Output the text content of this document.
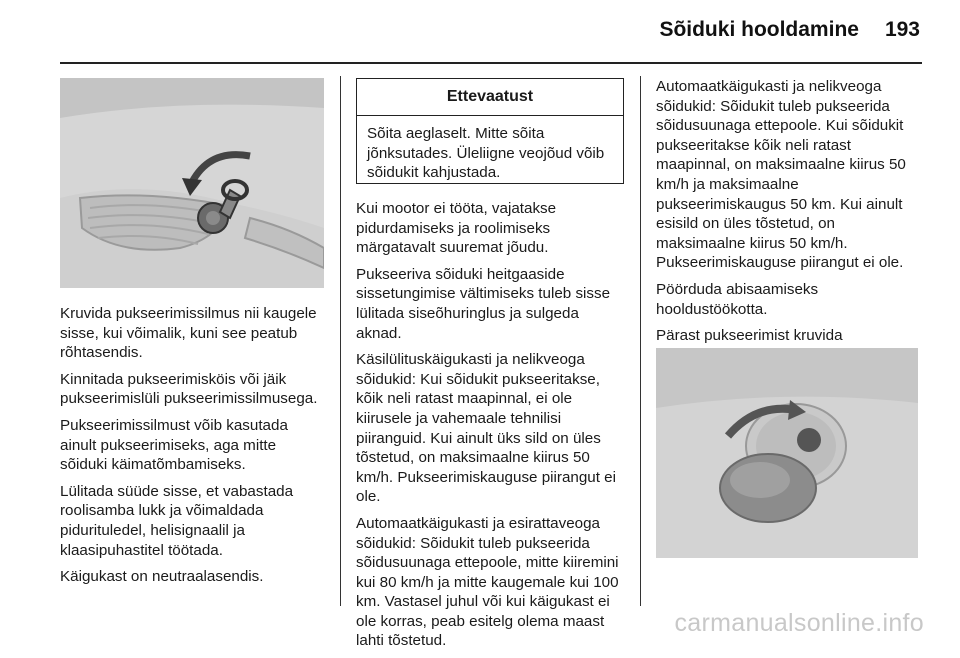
Sõiduki hooldamine 193

Kruvida pukseerimissilmus nii kaugele sisse, kui võimalik, kuni see peatub rõhtasendis.

Kinnitada pukseerimisköis või jäik pukseerimislüli pukseerimissilmusega.

Pukseerimissilmust võib kasutada ainult pukseerimiseks, aga mitte sõiduki käimatõmbamiseks.

Lülitada süüde sisse, et vabastada roolisamba lukk ja võimaldada pidurituledel, helisignaalil ja klaasipuhastitel töötada.

Käigukast on neutraalasendis.

Ettevaatust
Sõita aeglaselt. Mitte sõita jõnksutades. Üleliigne veojõud võib sõidukit kahjustada.

Kui mootor ei tööta, vajatakse pidurdamiseks ja roolimiseks märgatavalt suuremat jõudu.

Pukseeriva sõiduki heitgaaside sissetungimise vältimiseks tuleb sisse lülitada siseõhuringlus ja sulgeda aknad.

Käsilülituskäigukasti ja nelikveoga sõidukid: Kui sõidukit pukseeritakse, kõik neli ratast maapinnal, ei ole kiirusele ja vahemaale tehnilisi piiranguid. Kui ainult üks sild on üles tõstetud, on maksimaalne kiirus 50 km/h. Pukseerimiskauguse piirangut ei ole.

Automaatkäigukasti ja esirattaveoga sõidukid: Sõidukit tuleb pukseerida sõidusuunaga ettepoole, mitte kiiremini kui 80 km/h ja mitte kaugemale kui 100 km. Vastasel juhul või kui käigukast ei ole korras, peab esitelg olema maast lahti tõstetud.

Automaatkäigukasti ja nelikveoga sõidukid: Sõidukit tuleb pukseerida sõidusuunaga ettepoole. Kui sõidukit pukseeritakse kõik neli ratast maapinnal, on maksimaalne kiirus 50 km/h ja maksimaalne pukseerimiskaugus 50 km. Kui ainult esisild on üles tõstetud, on maksimaalne kiirus 50 km/h. Pukseerimiskauguse piirangut ei ole.

Pöörduda abisaamiseks hooldustöökotta.

Pärast pukseerimist kruvida

carmanualsonline.info
